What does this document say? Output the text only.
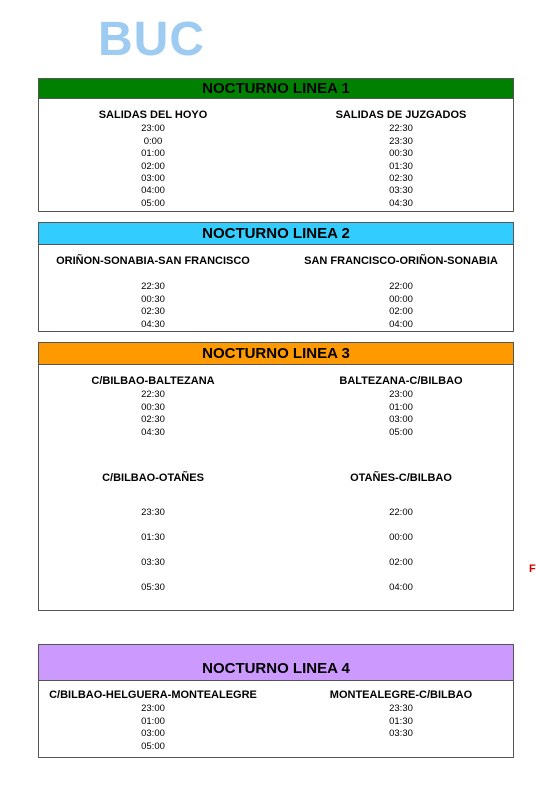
BUC
NOCTURNO LINEA 1
SALIDAS DEL HOYO
23:00
0:00
01:00
02:00
03:00
04:00
05:00
SALIDAS DE JUZGADOS
22:30
23:30
00:30
01:30
02:30
03:30
04:30
NOCTURNO LINEA 2
ORIÑON-SONABIA-SAN FRANCISCO
22:30
00:30
02:30
04:30
SAN FRANCISCO-ORIÑON-SONABIA
22:00
00:00
02:00
04:00
NOCTURNO LINEA 3
C/BILBAO-BALTEZANA
22:30
00:30
02:30
04:30
BALTEZANA-C/BILBAO
23:00
01:00
03:00
05:00
C/BILBAO-OTAÑES
23:30
01:30
03:30
05:30
OTAÑES-C/BILBAO
22:00
00:00
02:00
04:00
F
NOCTURNO LINEA 4
C/BILBAO-HELGUERA-MONTEALEGRE
23:00
01:00
03:00
05:00
MONTEALEGRE-C/BILBAO
23:30
01:30
03:30
